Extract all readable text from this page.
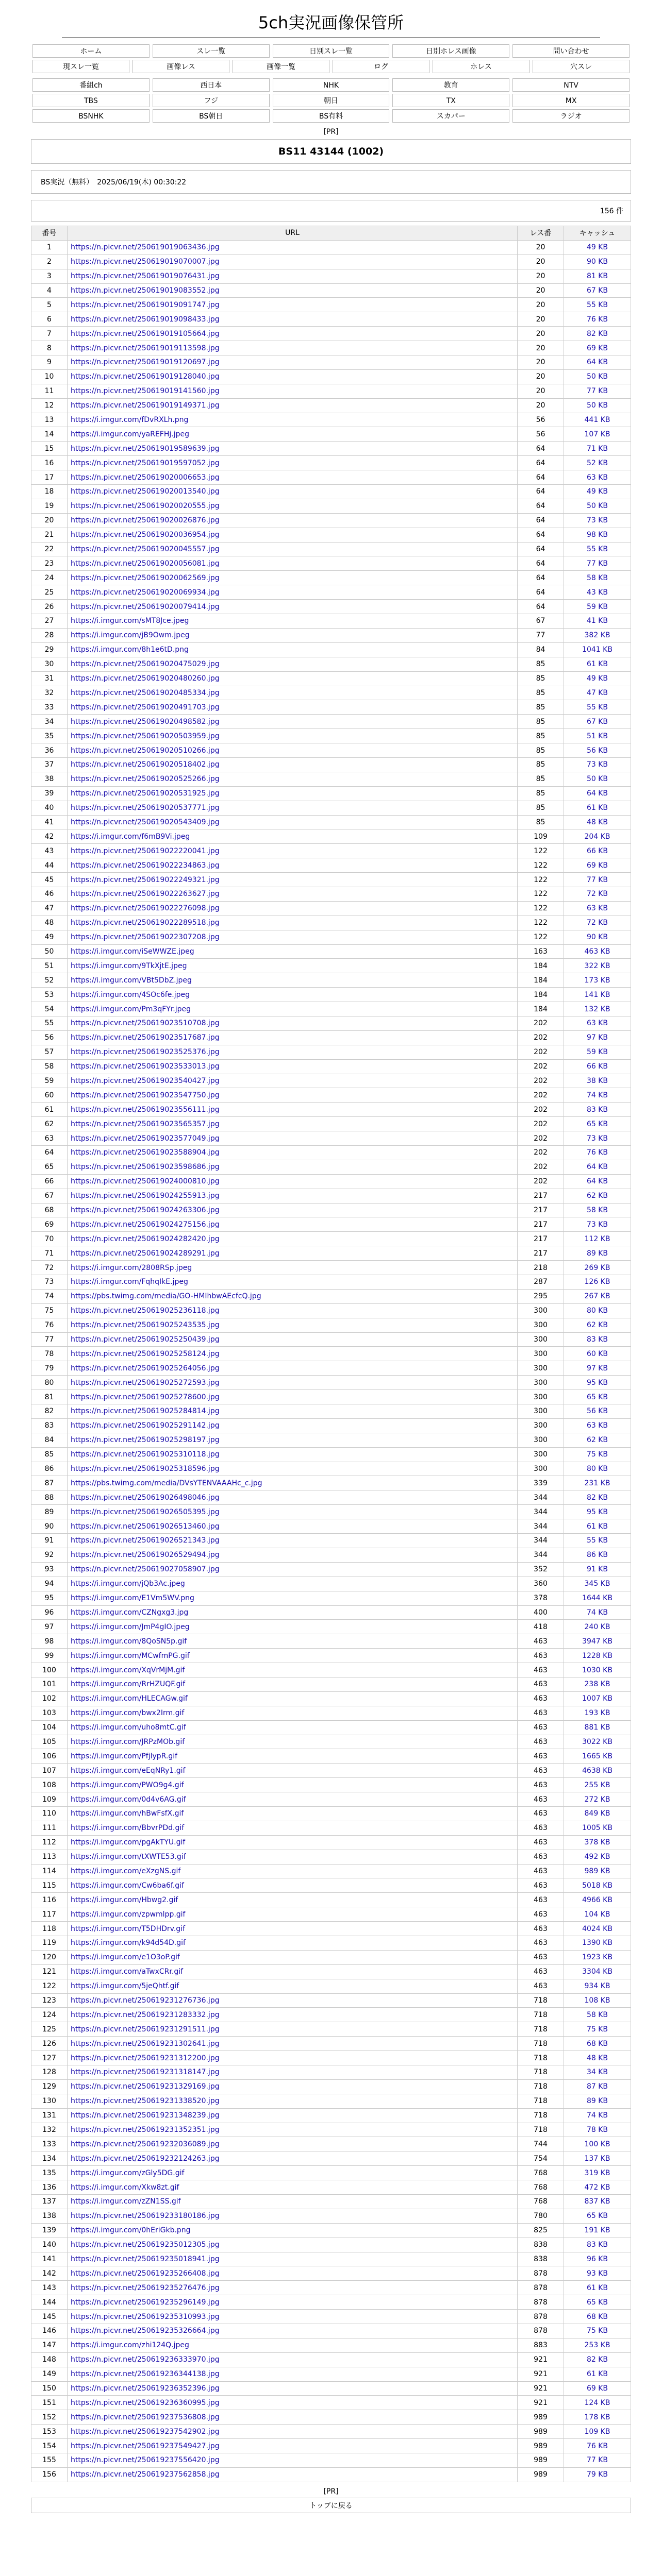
5ch実況画像保管所
ホーム	スレ一覧	日別スレ一覧	日別ホレス画像	問い合わせ
現スレ一覧	画像レス	画像一覧	ログ	ホレス	穴スレ
番組ch	西日本	NHK	教育	NTV
TBS	フジ	朝日	TX	MX
BSNHK	BS朝日	BS有料	スカパー	ラジオ
[PR]
BS11 43144 (1002)
BS実況（無料）　2025/06/19(木) 00:30:22
156 件
番号	URL	レス番	キャッシュ
1	https://n.picvr.net/250619019063436.jpg	20	49 KB
2	https://n.picvr.net/250619019070007.jpg	20	90 KB
3	https://n.picvr.net/250619019076431.jpg	20	81 KB
4	https://n.picvr.net/250619019083552.jpg	20	67 KB
5	https://n.picvr.net/250619019091747.jpg	20	55 KB
6	https://n.picvr.net/250619019098433.jpg	20	76 KB
7	https://n.picvr.net/250619019105664.jpg	20	82 KB
8	https://n.picvr.net/250619019113598.jpg	20	69 KB
9	https://n.picvr.net/250619019120697.jpg	20	64 KB
10	https://n.picvr.net/250619019128040.jpg	20	50 KB
11	https://n.picvr.net/250619019141560.jpg	20	77 KB
12	https://n.picvr.net/250619019149371.jpg	20	50 KB
13	https://i.imgur.com/fDvRXLh.png	56	441 KB
14	https://i.imgur.com/yaREFHj.jpeg	56	107 KB
15	https://n.picvr.net/250619019589639.jpg	64	71 KB
16	https://n.picvr.net/250619019597052.jpg	64	52 KB
17	https://n.picvr.net/250619020006653.jpg	64	63 KB
18	https://n.picvr.net/250619020013540.jpg	64	49 KB
19	https://n.picvr.net/250619020020555.jpg	64	50 KB
20	https://n.picvr.net/250619020026876.jpg	64	73 KB
21	https://n.picvr.net/250619020036954.jpg	64	98 KB
22	https://n.picvr.net/250619020045557.jpg	64	55 KB
23	https://n.picvr.net/250619020056081.jpg	64	77 KB
24	https://n.picvr.net/250619020062569.jpg	64	58 KB
25	https://n.picvr.net/250619020069934.jpg	64	43 KB
26	https://n.picvr.net/250619020079414.jpg	64	59 KB
27	https://i.imgur.com/sMT8Jce.jpeg	67	41 KB
28	https://i.imgur.com/jB9Owm.jpeg	77	382 KB
29	https://i.imgur.com/8h1e6tD.png	84	1041 KB
30	https://n.picvr.net/250619020475029.jpg	85	61 KB
31	https://n.picvr.net/250619020480260.jpg	85	49 KB
32	https://n.picvr.net/250619020485334.jpg	85	47 KB
33	https://n.picvr.net/250619020491703.jpg	85	55 KB
34	https://n.picvr.net/250619020498582.jpg	85	67 KB
35	https://n.picvr.net/250619020503959.jpg	85	51 KB
36	https://n.picvr.net/250619020510266.jpg	85	56 KB
37	https://n.picvr.net/250619020518402.jpg	85	73 KB
38	https://n.picvr.net/250619020525266.jpg	85	50 KB
39	https://n.picvr.net/250619020531925.jpg	85	64 KB
40	https://n.picvr.net/250619020537771.jpg	85	61 KB
41	https://n.picvr.net/250619020543409.jpg	85	48 KB
42	https://i.imgur.com/f6mB9Vi.jpeg	109	204 KB
43	https://n.picvr.net/250619022220041.jpg	122	66 KB
44	https://n.picvr.net/250619022234863.jpg	122	69 KB
45	https://n.picvr.net/250619022249321.jpg	122	77 KB
46	https://n.picvr.net/250619022263627.jpg	122	72 KB
47	https://n.picvr.net/250619022276098.jpg	122	63 KB
48	https://n.picvr.net/250619022289518.jpg	122	72 KB
49	https://n.picvr.net/250619022307208.jpg	122	90 KB
50	https://i.imgur.com/iSeWWZE.jpeg	163	463 KB
51	https://i.imgur.com/9TkXjtE.jpeg	184	322 KB
52	https://i.imgur.com/VBt5DbZ.jpeg	184	173 KB
53	https://i.imgur.com/4SOc6fe.jpeg	184	141 KB
54	https://i.imgur.com/Pm3qFYr.jpeg	184	132 KB
55	https://n.picvr.net/250619023510708.jpg	202	63 KB
56	https://n.picvr.net/250619023517687.jpg	202	97 KB
57	https://n.picvr.net/250619023525376.jpg	202	59 KB
58	https://n.picvr.net/250619023533013.jpg	202	66 KB
59	https://n.picvr.net/250619023540427.jpg	202	38 KB
60	https://n.picvr.net/250619023547750.jpg	202	74 KB
61	https://n.picvr.net/250619023556111.jpg	202	83 KB
62	https://n.picvr.net/250619023565357.jpg	202	65 KB
63	https://n.picvr.net/250619023577049.jpg	202	73 KB
64	https://n.picvr.net/250619023588904.jpg	202	76 KB
65	https://n.picvr.net/250619023598686.jpg	202	64 KB
66	https://n.picvr.net/250619024000810.jpg	202	64 KB
67	https://n.picvr.net/250619024255913.jpg	217	62 KB
68	https://n.picvr.net/250619024263306.jpg	217	58 KB
69	https://n.picvr.net/250619024275156.jpg	217	73 KB
70	https://n.picvr.net/250619024282420.jpg	217	112 KB
71	https://n.picvr.net/250619024289291.jpg	217	89 KB
72	https://i.imgur.com/2808RSp.jpeg	218	269 KB
73	https://i.imgur.com/FqhqIkE.jpeg	287	126 KB
74	https://pbs.twimg.com/media/GO-HMIhbwAEcfcQ.jpg	295	267 KB
75	https://n.picvr.net/250619025236118.jpg	300	80 KB
76	https://n.picvr.net/250619025243535.jpg	300	62 KB
77	https://n.picvr.net/250619025250439.jpg	300	83 KB
78	https://n.picvr.net/250619025258124.jpg	300	60 KB
79	https://n.picvr.net/250619025264056.jpg	300	97 KB
80	https://n.picvr.net/250619025272593.jpg	300	95 KB
81	https://n.picvr.net/250619025278600.jpg	300	65 KB
82	https://n.picvr.net/250619025284814.jpg	300	56 KB
83	https://n.picvr.net/250619025291142.jpg	300	63 KB
84	https://n.picvr.net/250619025298197.jpg	300	62 KB
85	https://n.picvr.net/250619025310118.jpg	300	75 KB
86	https://n.picvr.net/250619025318596.jpg	300	80 KB
87	https://pbs.twimg.com/media/DVsYTENVAAAHc_c.jpg	339	231 KB
88	https://n.picvr.net/250619026498046.jpg	344	82 KB
89	https://n.picvr.net/250619026505395.jpg	344	95 KB
90	https://n.picvr.net/250619026513460.jpg	344	61 KB
91	https://n.picvr.net/250619026521343.jpg	344	55 KB
92	https://n.picvr.net/250619026529494.jpg	344	86 KB
93	https://n.picvr.net/250619027058907.jpg	352	91 KB
94	https://i.imgur.com/jQb3Ac.jpeg	360	345 KB
95	https://i.imgur.com/E1Vm5WV.png	378	1644 KB
96	https://i.imgur.com/CZNgxg3.jpg	400	74 KB
97	https://i.imgur.com/JmP4gIO.jpeg	418	240 KB
98	https://i.imgur.com/8QoSN5p.gif	463	3947 KB
99	https://i.imgur.com/MCwfmPG.gif	463	1228 KB
100	https://i.imgur.com/XqVrMjM.gif	463	1030 KB
101	https://i.imgur.com/RrHZUQF.gif	463	238 KB
102	https://i.imgur.com/HLECAGw.gif	463	1007 KB
103	https://i.imgur.com/bwx2Irm.gif	463	193 KB
104	https://i.imgur.com/uho8mtC.gif	463	881 KB
105	https://i.imgur.com/JRPzMOb.gif	463	3022 KB
106	https://i.imgur.com/PfjlypR.gif	463	1665 KB
107	https://i.imgur.com/eEqNRy1.gif	463	4638 KB
108	https://i.imgur.com/PWO9g4.gif	463	255 KB
109	https://i.imgur.com/0d4v6AG.gif	463	272 KB
110	https://i.imgur.com/hBwFsfX.gif	463	849 KB
111	https://i.imgur.com/BbvrPDd.gif	463	1005 KB
112	https://i.imgur.com/pgAkTYU.gif	463	378 KB
113	https://i.imgur.com/tXWTE53.gif	463	492 KB
114	https://i.imgur.com/eXzgNS.gif	463	989 KB
115	https://i.imgur.com/Cw6ba6f.gif	463	5018 KB
116	https://i.imgur.com/Hbwg2.gif	463	4966 KB
117	https://i.imgur.com/zpwmlpp.gif	463	104 KB
118	https://i.imgur.com/T5DHDrv.gif	463	4024 KB
119	https://i.imgur.com/k94d54D.gif	463	1390 KB
120	https://i.imgur.com/e1O3oP.gif	463	1923 KB
121	https://i.imgur.com/aTwxCRr.gif	463	3304 KB
122	https://i.imgur.com/5jeQhtf.gif	463	934 KB
123	https://n.picvr.net/250619231276736.jpg	718	108 KB
124	https://n.picvr.net/250619231283332.jpg	718	58 KB
125	https://n.picvr.net/250619231291511.jpg	718	75 KB
126	https://n.picvr.net/250619231302641.jpg	718	68 KB
127	https://n.picvr.net/250619231312200.jpg	718	48 KB
128	https://n.picvr.net/250619231318147.jpg	718	34 KB
129	https://n.picvr.net/250619231329169.jpg	718	87 KB
130	https://n.picvr.net/250619231338520.jpg	718	89 KB
131	https://n.picvr.net/250619231348239.jpg	718	74 KB
132	https://n.picvr.net/250619231352351.jpg	718	78 KB
133	https://n.picvr.net/250619232036089.jpg	744	100 KB
134	https://n.picvr.net/250619232124263.jpg	754	137 KB
135	https://i.imgur.com/zGly5DG.gif	768	319 KB
136	https://i.imgur.com/Xkw8zt.gif	768	472 KB
137	https://i.imgur.com/zZN1SS.gif	768	837 KB
138	https://n.picvr.net/250619233180186.jpg	780	65 KB
139	https://i.imgur.com/0hEriGkb.png	825	191 KB
140	https://n.picvr.net/250619235012305.jpg	838	83 KB
141	https://n.picvr.net/250619235018941.jpg	838	96 KB
142	https://n.picvr.net/250619235266408.jpg	878	93 KB
143	https://n.picvr.net/250619235276476.jpg	878	61 KB
144	https://n.picvr.net/250619235296149.jpg	878	65 KB
145	https://n.picvr.net/250619235310993.jpg	878	68 KB
146	https://n.picvr.net/250619235326664.jpg	878	75 KB
147	https://i.imgur.com/zhi124Q.jpeg	883	253 KB
148	https://n.picvr.net/250619236333970.jpg	921	82 KB
149	https://n.picvr.net/250619236344138.jpg	921	61 KB
150	https://n.picvr.net/250619236352396.jpg	921	69 KB
151	https://n.picvr.net/250619236360995.jpg	921	124 KB
152	https://n.picvr.net/250619237536808.jpg	989	178 KB
153	https://n.picvr.net/250619237542902.jpg	989	109 KB
154	https://n.picvr.net/250619237549427.jpg	989	76 KB
155	https://n.picvr.net/250619237556420.jpg	989	77 KB
156	https://n.picvr.net/250619237562858.jpg	989	79 KB
[PR]
トップに戻る
